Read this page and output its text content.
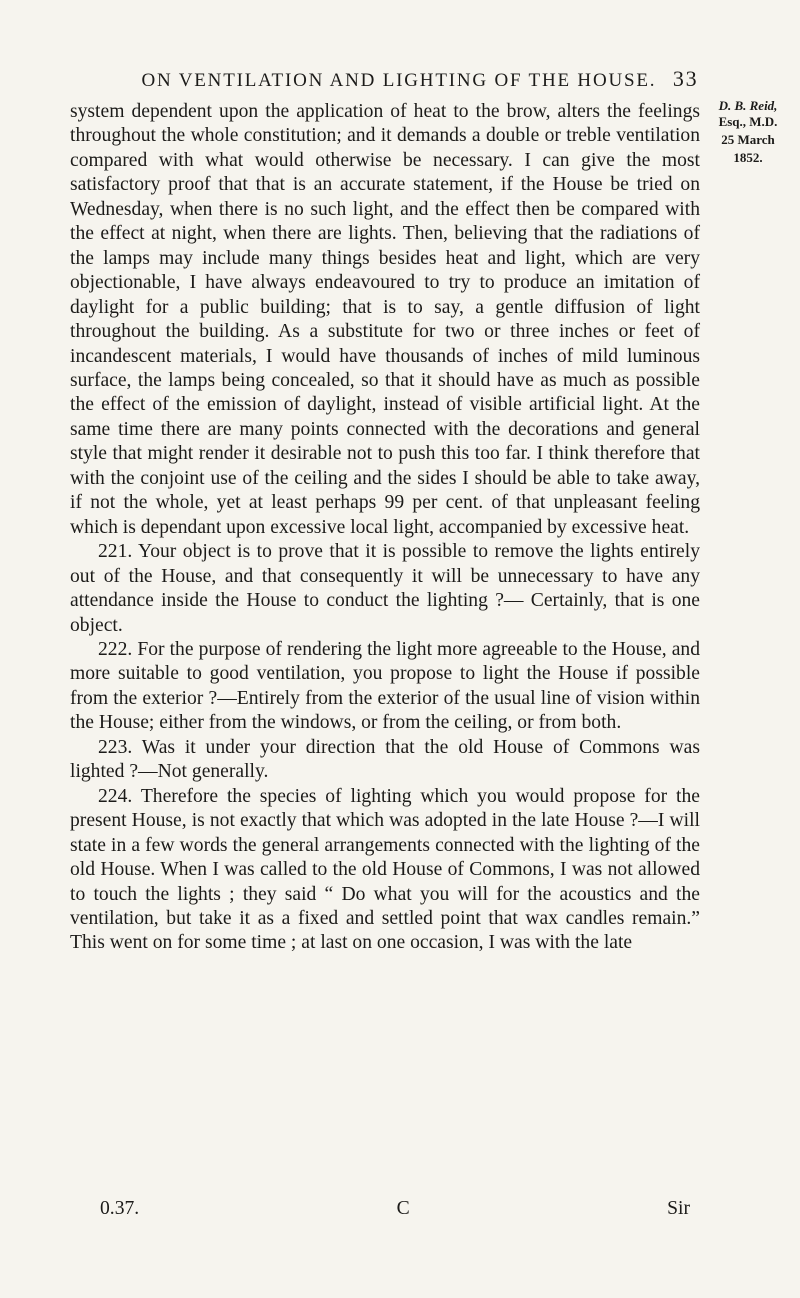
ON VENTILATION AND LIGHTING OF THE HOUSE. 33
D. B. Reid,
Esq., M.D.
25 March
1852.

system dependent upon the application of heat to the brow, alters the feelings throughout the whole constitution; and it demands a double or treble ventilation compared with what would otherwise be necessary. I can give the most satisfactory proof that that is an accurate statement, if the House be tried on Wednesday, when there is no such light, and the effect then be compared with the effect at night, when there are lights. Then, believing that the radiations of the lamps may include many things besides heat and light, which are very objectionable, I have always endeavoured to try to produce an imitation of daylight for a public building; that is to say, a gentle diffusion of light throughout the building. As a substitute for two or three inches or feet of incandescent materials, I would have thousands of inches of mild luminous surface, the lamps being concealed, so that it should have as much as possible the effect of the emission of daylight, instead of visible artificial light. At the same time there are many points connected with the decorations and general style that might render it desirable not to push this too far. I think therefore that with the conjoint use of the ceiling and the sides I should be able to take away, if not the whole, yet at least perhaps 99 per cent. of that unpleasant feeling which is dependant upon excessive local light, accompanied by excessive heat.

221. Your object is to prove that it is possible to remove the lights entirely out of the House, and that consequently it will be unnecessary to have any attendance inside the House to conduct the lighting ?— Certainly, that is one object.

222. For the purpose of rendering the light more agreeable to the House, and more suitable to good ventilation, you propose to light the House if possible from the exterior ?—Entirely from the exterior of the usual line of vision within the House; either from the windows, or from the ceiling, or from both.

223. Was it under your direction that the old House of Commons was lighted ?—Not generally.

224. Therefore the species of lighting which you would propose for the present House, is not exactly that which was adopted in the late House ?—I will state in a few words the general arrangements connected with the lighting of the old House. When I was called to the old House of Commons, I was not allowed to touch the lights ; they said “ Do what you will for the acoustics and the ventilation, but take it as a fixed and settled point that wax candles remain.” This went on for some time ; at last on one occasion, I was with the late

0.37.	C	Sir
